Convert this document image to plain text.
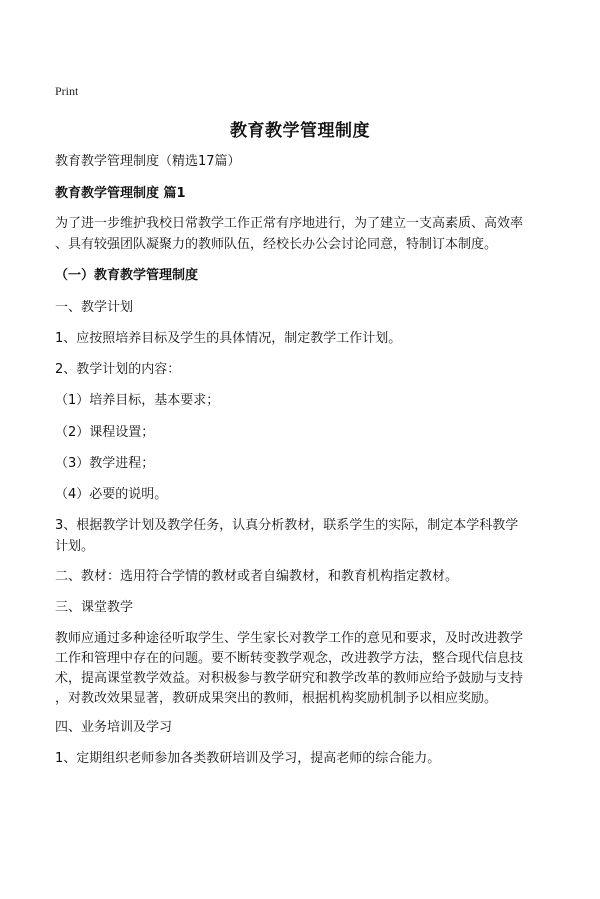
Print
教育教学管理制度
教育教学管理制度（精选17篇）
教育教学管理制度 篇1
为了进一步维护我校日常教学工作正常有序地进行，为了建立一支高素质、高效率
、具有较强团队凝聚力的教师队伍，经校长办公会讨论同意，特制订本制度。
（一）教育教学管理制度
一、教学计划
1、应按照培养目标及学生的具体情况，制定教学工作计划。
2、教学计划的内容：
（1）培养目标，基本要求；
（2）课程设置；
（3）教学进程；
（4）必要的说明。
3、根据教学计划及教学任务，认真分析教材，联系学生的实际，制定本学科教学
计划。
二、教材：选用符合学情的教材或者自编教材，和教育机构指定教材。
三、课堂教学
教师应通过多种途径听取学生、学生家长对教学工作的意见和要求，及时改进教学
工作和管理中存在的问题。要不断转变教学观念，改进教学方法，整合现代信息技
术，提高课堂教学效益。对积极参与教学研究和教学改革的教师应给予鼓励与支持
，对教改效果显著，教研成果突出的教师，根据机构奖励机制予以相应奖励。
四、业务培训及学习
1、定期组织老师参加各类教研培训及学习，提高老师的综合能力。
